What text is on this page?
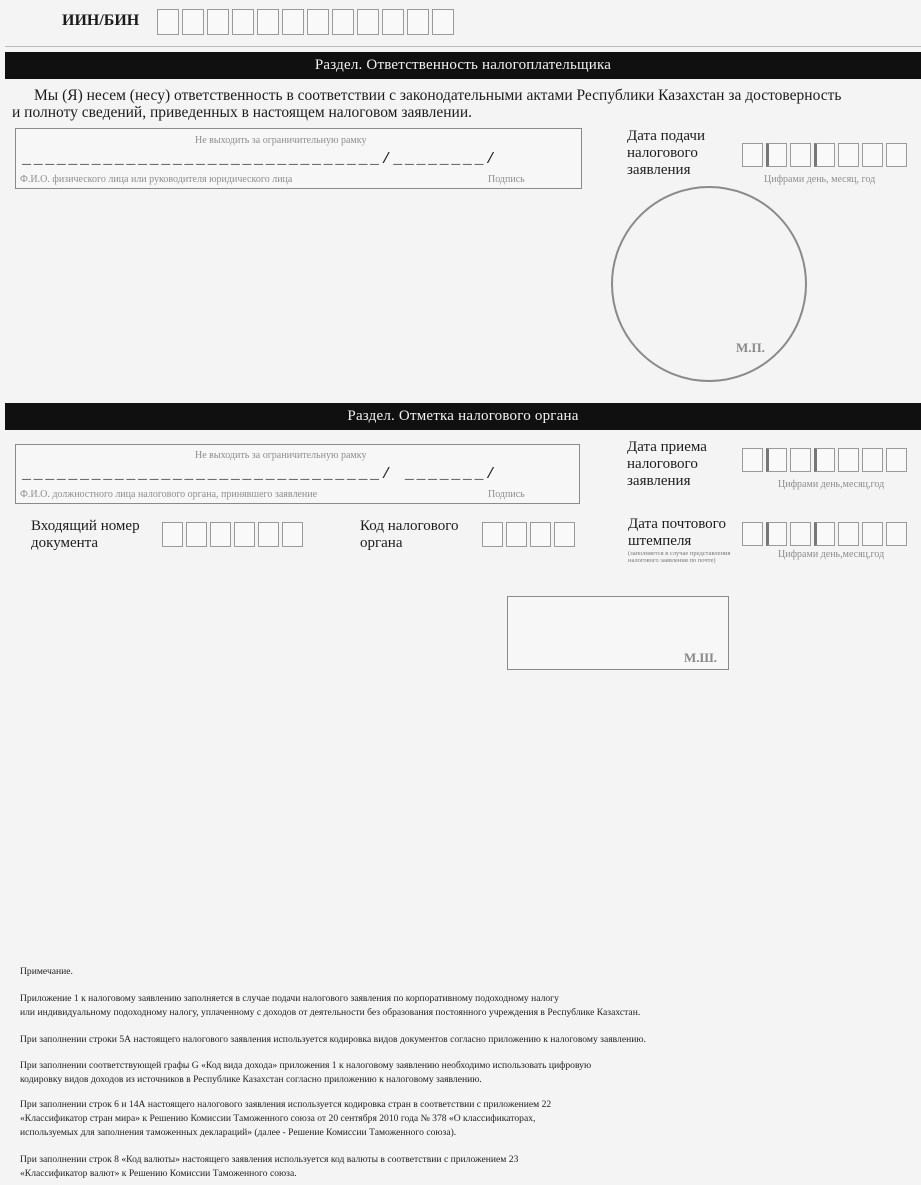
ИИН/БИН
Раздел. Ответственность налогоплательщика
Мы (Я) несем (несу) ответственность в соответствии с законодательными актами Республики Казахстан за достоверность
и полноту сведений, приведенных в настоящем налоговом заявлении.
Не выходить за ограничительную рамку
_______________________________/________/
Ф.И.О. физического лица или руководителя юридического лица	Подпись
Дата подачи налогового заявления
Цифрами день, месяц, год
М.П.
Раздел. Отметка налогового органа
Не выходить за ограничительную рамку
_______________________________/ _______/
Ф.И.О. должностного лица налогового органа, принявшего заявление	Подпись
Дата приема налогового заявления	Цифрами день,месяц,год
Входящий номер документа
Код налогового органа
Дата почтового штемпеля
(заполняется в случае представления налогового заявления по почте)
Цифрами день,месяц,год
М.Ш.
Примечание.
Приложение 1 к налоговому заявлению заполняется в случае подачи налогового заявления по корпоративному подоходному налогу
или индивидуальному подоходному налогу, уплаченному с доходов от деятельности без образования постоянного учреждения в Республике Казахстан.
При заполнении строки 5А настоящего налогового заявления используется кодировка видов документов согласно приложению к налоговому заявлению.
При заполнении соответствующей графы G «Код вида дохода» приложения 1 к налоговому заявлению необходимо использовать цифровую
кодировку видов доходов из источников в Республике Казахстан согласно приложению к налоговому заявлению.
При заполнении строк 6 и 14А настоящего налогового заявления используется кодировка стран в соответствии с приложением 22
«Классификатор стран мира» к Решению Комиссии Таможенного союза от 20 сентября 2010 года № 378 «О классификаторах,
используемых для заполнения таможенных деклараций» (далее - Решение Комиссии Таможенного союза).
При заполнении строк 8 «Код валюты» настоящего заявления используется код валюты в соответствии с приложением 23
«Классификатор валют» к Решению Комиссии Таможенного союза.
